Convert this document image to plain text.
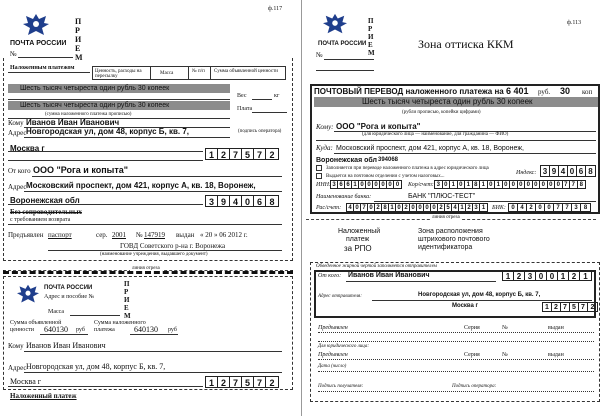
ПОЧТА РОССИИ
П
Р
И
Е
М
ф.117
№
Наложенным платежом
Ценность, расходы на пересылку
Масса	№ п/п Сумма объявленной ценности
Шесть тысяч четыреста один рубль 30 копеек
Вес	кг
Шесть тысяч четыреста один рубль 30 копеек	Плата
(сумма наложенного платежа прописью)
(подпись оператора)
Кому Иванов Иван Иванович
Адрес Новгородская ул, дом 48, корпус Б, кв. 7,
Москва г
1 2 7 5 7 2
От кого ООО "Рога и копыта"
Адрес Московский проспект, дом 421, корпус А, кв. 18, Воронеж,
Воронежская обл	3 9 4 0 6 8
Без сопроводительных
с требованием возврата
Предъявлен паспорт	сер. 2001 № 147919 выдан « 20 » 06 2012 г.
ГОВД Советского р-на г. Воронежа
(наименование учреждения, выдавшего документ)
линия отреза
ПОЧТА РОССИИ
Адрес и пособие №
П
Р
И
Е
М
Масса
Сумма объявленной
ценности 640130 руб
Сумма наложенного
платежа 640130 руб
Кому Иванов Иван Иванович
Адрес Новгородская ул, дом 48, корпус Б, кв. 7,
Москва г	1 2 7 5 7 2
Наложенный платеж
ф.113
ПОЧТА РОССИИ
П
Р
И
Е
М
Зона оттиска ККМ
№
ПОЧТОВЫЙ ПЕРЕВОД наложенного платежа на 6 401 руб. 30 коп
Шесть тысяч четыреста один рубль 30 копеек
(рубли прописью, копейки цифрами)
Кому: ООО "Рога и копыта"
(для юридического лица — наименование, для гражданина — ФИО)
Куда: Московский проспект, дом 421, корпус А, кв. 18, Воронеж,
Воронежская обл 394068
Заполняется при переводе наложенного платежа в адрес юридического лица
Выдается на почтовом отделении с учетом налоговых...
Индекс: 3 9 4 0 6 8
ИНН: 3 6 6 1 0 0 0 0 0 0	Кор/счет: 3 0 1 0 1 8 1 0 1 0 0 0 0 0 0 0 0 7 7 8
Наименование банка:	БАНК "ПЛЮС-ТЕСТ"
Рас/счет: 4 0 7 0 2 8 1 0 2 0 0 0 0 2 5 4 1 2 3 1	БИК: 0 4 2 0 0 7 7 3	8
линия отреза
Наложенный
платеж
за РПО
Зона расположения
штрихового почтового
идентификатора
Обведенное жирной чертой заполняется отправителем
От кого: Иванов Иван Иванович	1 2 3 0 0 1 2 1
Адрес отправителя:	Новгородская ул, дом 48, корпус Б, кв. 7,
Москва г	1 2 7 5 7 2
Предъявлен	Серия	№	выдан
Для юридического лица:
Предъявлен	Серия	№	выдан
Дата (число)
Подпись получателя:	Подпись оператора:
